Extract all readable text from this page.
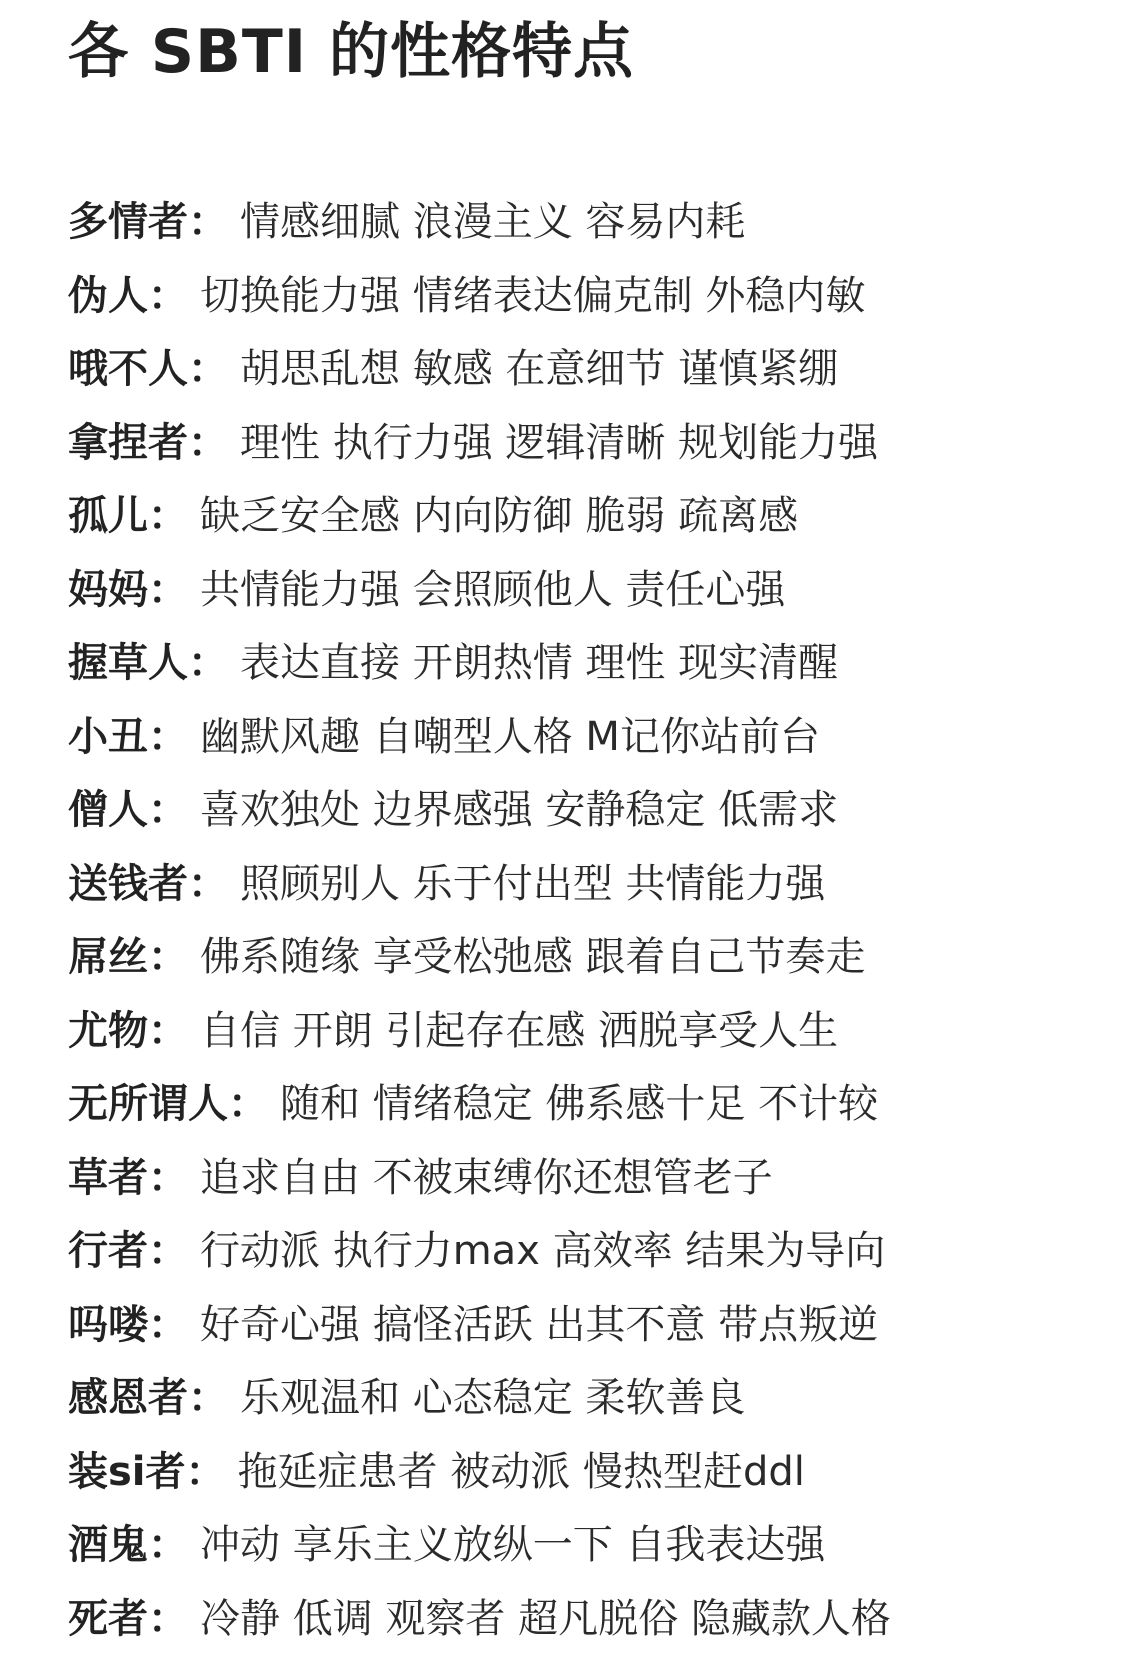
各 SBTI 的性格特点
多情者： 情感细腻 浪漫主义 容易内耗
伪人： 切换能力强 情绪表达偏克制 外稳内敏
哦不人： 胡思乱想 敏感 在意细节 谨慎紧绷
拿捏者： 理性 执行力强 逻辑清晰 规划能力强
孤儿： 缺乏安全感 内向防御 脆弱 疏离感
妈妈： 共情能力强 会照顾他人 责任心强
握草人： 表达直接 开朗热情 理性 现实清醒
小丑： 幽默风趣 自嘲型人格 M记你站前台
僧人： 喜欢独处 边界感强 安静稳定 低需求
送钱者： 照顾别人 乐于付出型 共情能力强
屌丝： 佛系随缘 享受松弛感 跟着自己节奏走
尤物： 自信 开朗 引起存在感 洒脱享受人生
无所谓人： 随和 情绪稳定 佛系感十足 不计较
草者： 追求自由 不被束缚你还想管老子
行者： 行动派 执行力max 高效率 结果为导向
吗喽： 好奇心强 搞怪活跃 出其不意 带点叛逆
感恩者： 乐观温和 心态稳定 柔软善良
装si者： 拖延症患者 被动派 慢热型赶ddl
酒鬼： 冲动 享乐主义放纵一下 自我表达强
死者： 冷静 低调 观察者 超凡脱俗 隐藏款人格
